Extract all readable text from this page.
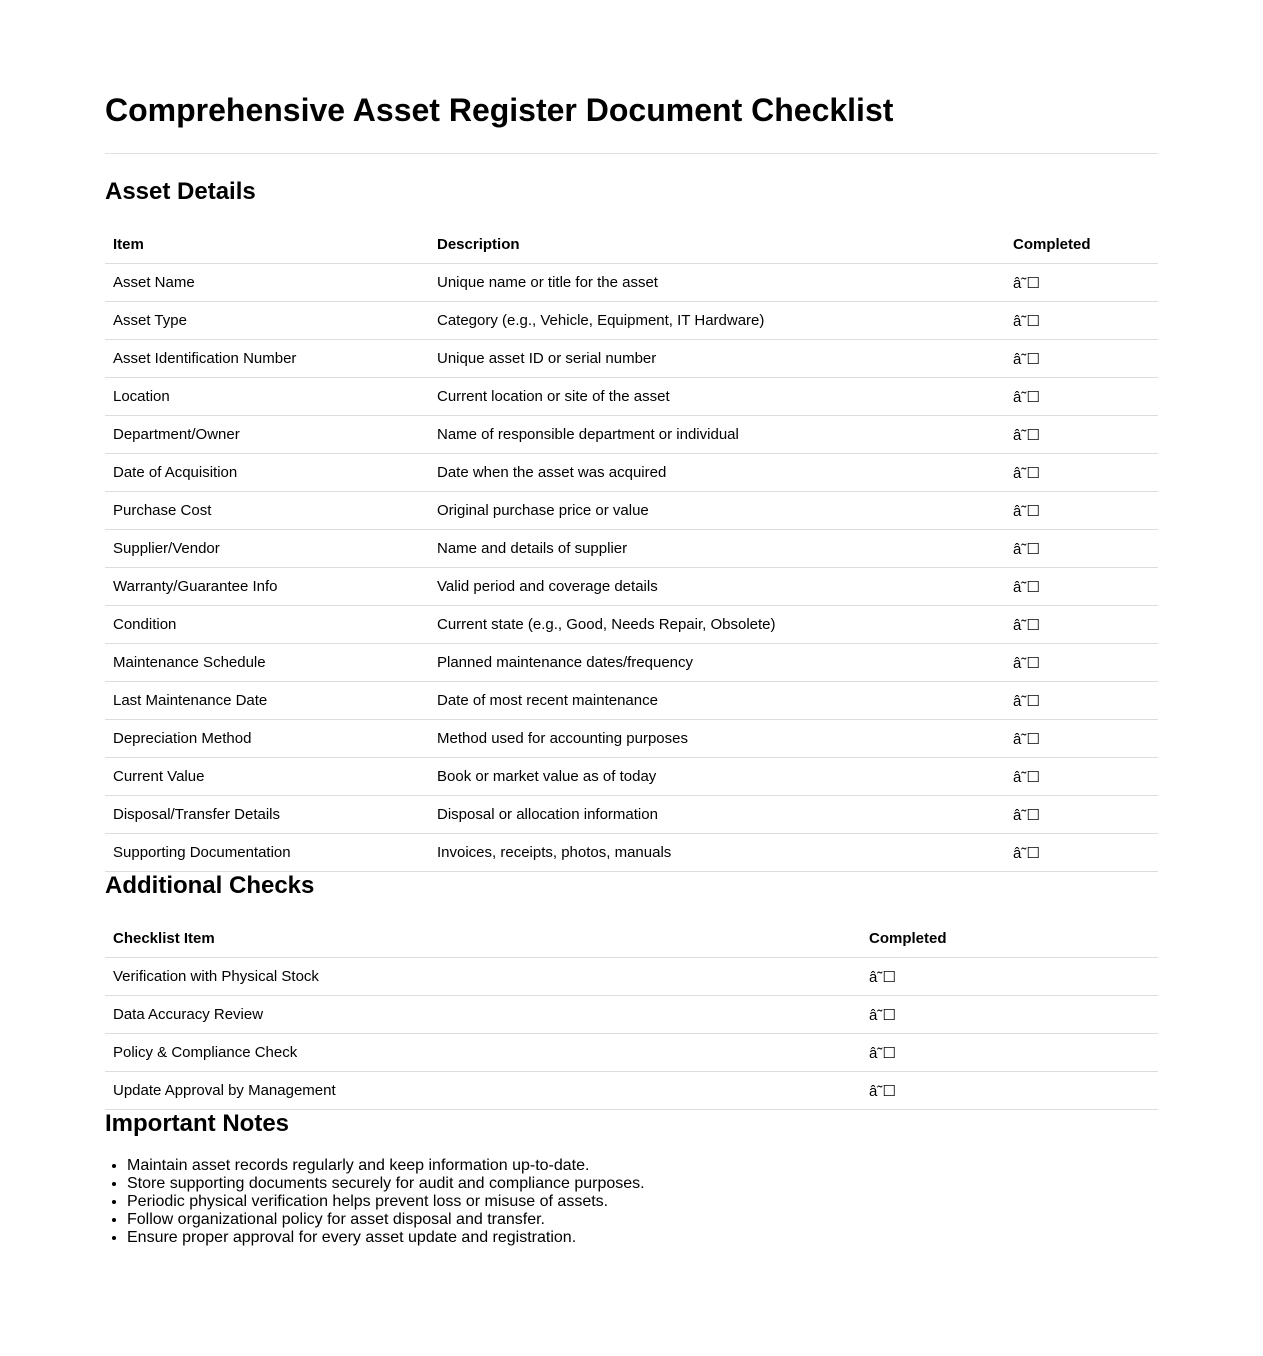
Comprehensive Asset Register Document Checklist
Asset Details
Item	Description	Completed
Asset Name	Unique name or title for the asset	â˜☐
Asset Type	Category (e.g., Vehicle, Equipment, IT Hardware)	â˜☐
Asset Identification Number	Unique asset ID or serial number	â˜☐
Location	Current location or site of the asset	â˜☐
Department/Owner	Name of responsible department or individual	â˜☐
Date of Acquisition	Date when the asset was acquired	â˜☐
Purchase Cost	Original purchase price or value	â˜☐
Supplier/Vendor	Name and details of supplier	â˜☐
Warranty/Guarantee Info	Valid period and coverage details	â˜☐
Condition	Current state (e.g., Good, Needs Repair, Obsolete)	â˜☐
Maintenance Schedule	Planned maintenance dates/frequency	â˜☐
Last Maintenance Date	Date of most recent maintenance	â˜☐
Depreciation Method	Method used for accounting purposes	â˜☐
Current Value	Book or market value as of today	â˜☐
Disposal/Transfer Details	Disposal or allocation information	â˜☐
Supporting Documentation	Invoices, receipts, photos, manuals	â˜☐
Additional Checks
Checklist Item	Completed
Verification with Physical Stock	â˜☐
Data Accuracy Review	â˜☐
Policy & Compliance Check	â˜☐
Update Approval by Management	â˜☐
Important Notes
• Maintain asset records regularly and keep information up-to-date.
• Store supporting documents securely for audit and compliance purposes.
• Periodic physical verification helps prevent loss or misuse of assets.
• Follow organizational policy for asset disposal and transfer.
• Ensure proper approval for every asset update and registration.
